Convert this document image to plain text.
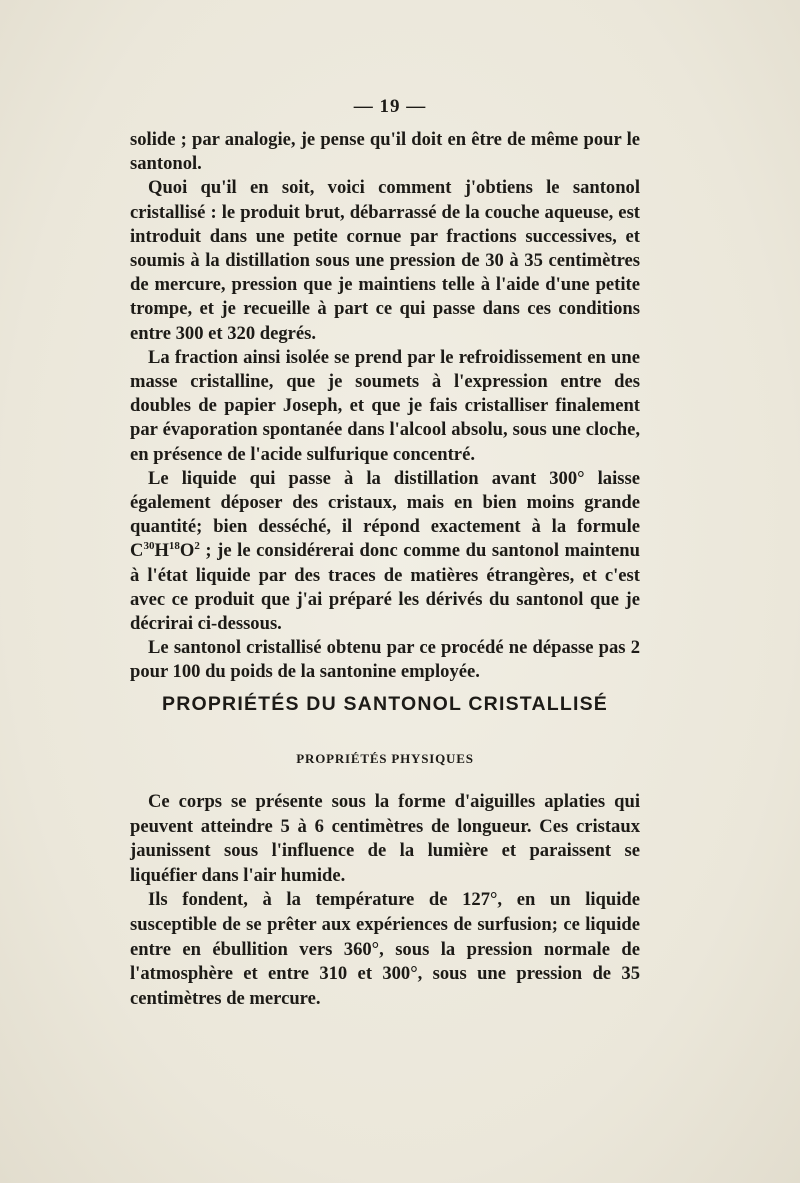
— 19 —

solide ; par analogie, je pense qu'il doit en être de même pour le santonol.

Quoi qu'il en soit, voici comment j'obtiens le santonol cristallisé : le produit brut, débarrassé de la couche aqueuse, est introduit dans une petite cornue par fractions successives, et soumis à la distillation sous une pression de 30 à 35 centimètres de mercure, pression que je maintiens telle à l'aide d'une petite trompe, et je recueille à part ce qui passe dans ces conditions entre 300 et 320 degrés.

La fraction ainsi isolée se prend par le refroidissement en une masse cristalline, que je soumets à l'expression entre des doubles de papier Joseph, et que je fais cristalliser finalement par évaporation spontanée dans l'alcool absolu, sous une cloche, en présence de l'acide sulfurique concentré.

Le liquide qui passe à la distillation avant 300° laisse également déposer des cristaux, mais en bien moins grande quantité; bien desséché, il répond exactement à la formule $C^{30}H^{18}O^2$ ; je le considérerai donc comme du santonol maintenu à l'état liquide par des traces de matières étrangères, et c'est avec ce produit que j'ai préparé les dérivés du santonol que je décrirai ci-dessous.

Le santonol cristallisé obtenu par ce procédé ne dépasse pas 2 pour 100 du poids de la santonine employée.

PROPRIÉTÉS DU SANTONOL CRISTALLISÉ
PROPRIÉTÉS PHYSIQUES

Ce corps se présente sous la forme d'aiguilles aplaties qui peuvent atteindre 5 à 6 centimètres de longueur. Ces cristaux jaunissent sous l'influence de la lumière et paraissent se liquéfier dans l'air humide.

Ils fondent, à la température de 127°, en un liquide susceptible de se prêter aux expériences de surfusion; ce liquide entre en ébullition vers 360°, sous la pression normale de l'atmosphère et entre 310 et 300°, sous une pression de 35 centimètres de mercure.
